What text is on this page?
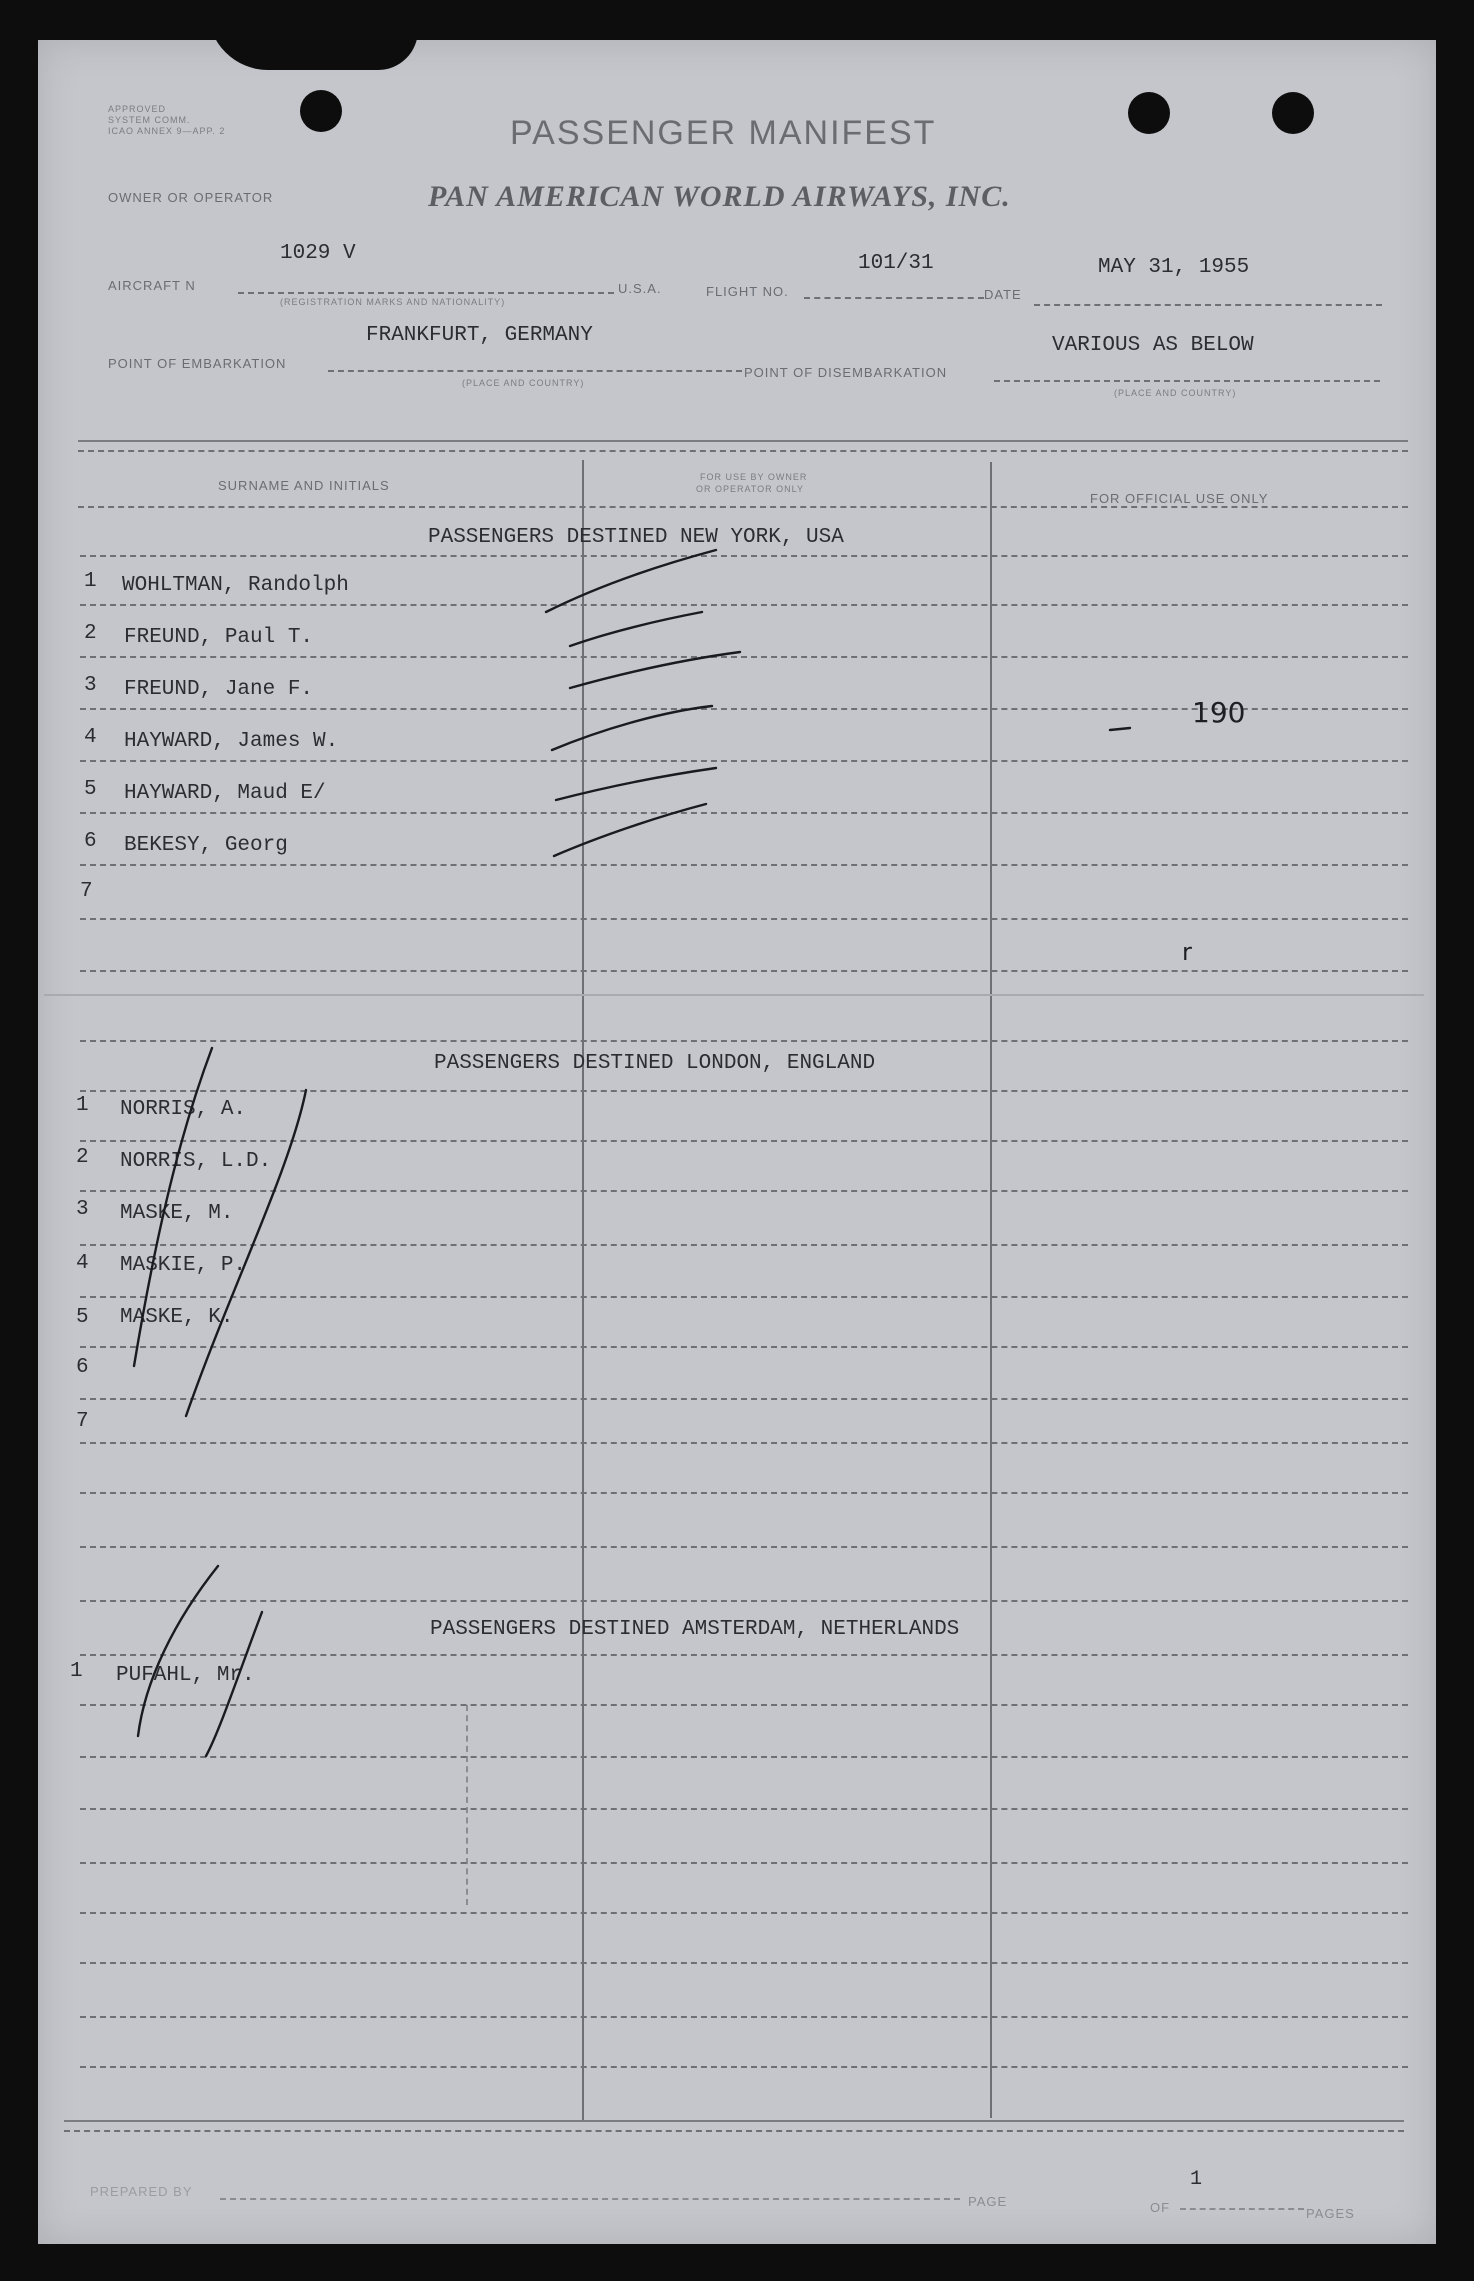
APPROVED
SYSTEM COMM.
ICAO ANNEX 9—APP. 2	PASSENGER MANIFEST
OWNER OR OPERATOR	PAN AMERICAN WORLD AIRWAYS, INC.
1029 V
AIRCRAFT N
(REGISTRATION MARKS AND NATIONALITY)
U.S.A.	FLIGHT NO.
101/31
DATE
MAY 31, 1955
FRANKFURT, GERMANY
POINT OF EMBARKATION
(PLACE AND COUNTRY)
POINT OF DISEMBARKATION
VARIOUS AS BELOW
(PLACE AND COUNTRY)
SURNAME AND INITIALS
FOR USE BY OWNER
OR OPERATOR ONLY
FOR OFFICIAL USE ONLY
PASSENGERS DESTINED NEW YORK, USA
1 WOHLTMAN, Randolph
2 FREUND, Paul T.
3 FREUND, Jane F.
4 HAYWARD, James W.
5 HAYWARD, Maud E/
6 BEKESY, Georg
7
PASSENGERS DESTINED LONDON, ENGLAND
1 NORRIS, A.
2 NORRIS, L.D.
3 MASKE, M.
4 MASKIE, P.
5 MASKE, K.
6
7
PASSENGERS DESTINED AMSTERDAM, NETHERLANDS
1 PUFAHL, Mr.
190
r
PREPARED BY
PAGE	OF
1
PAGES
